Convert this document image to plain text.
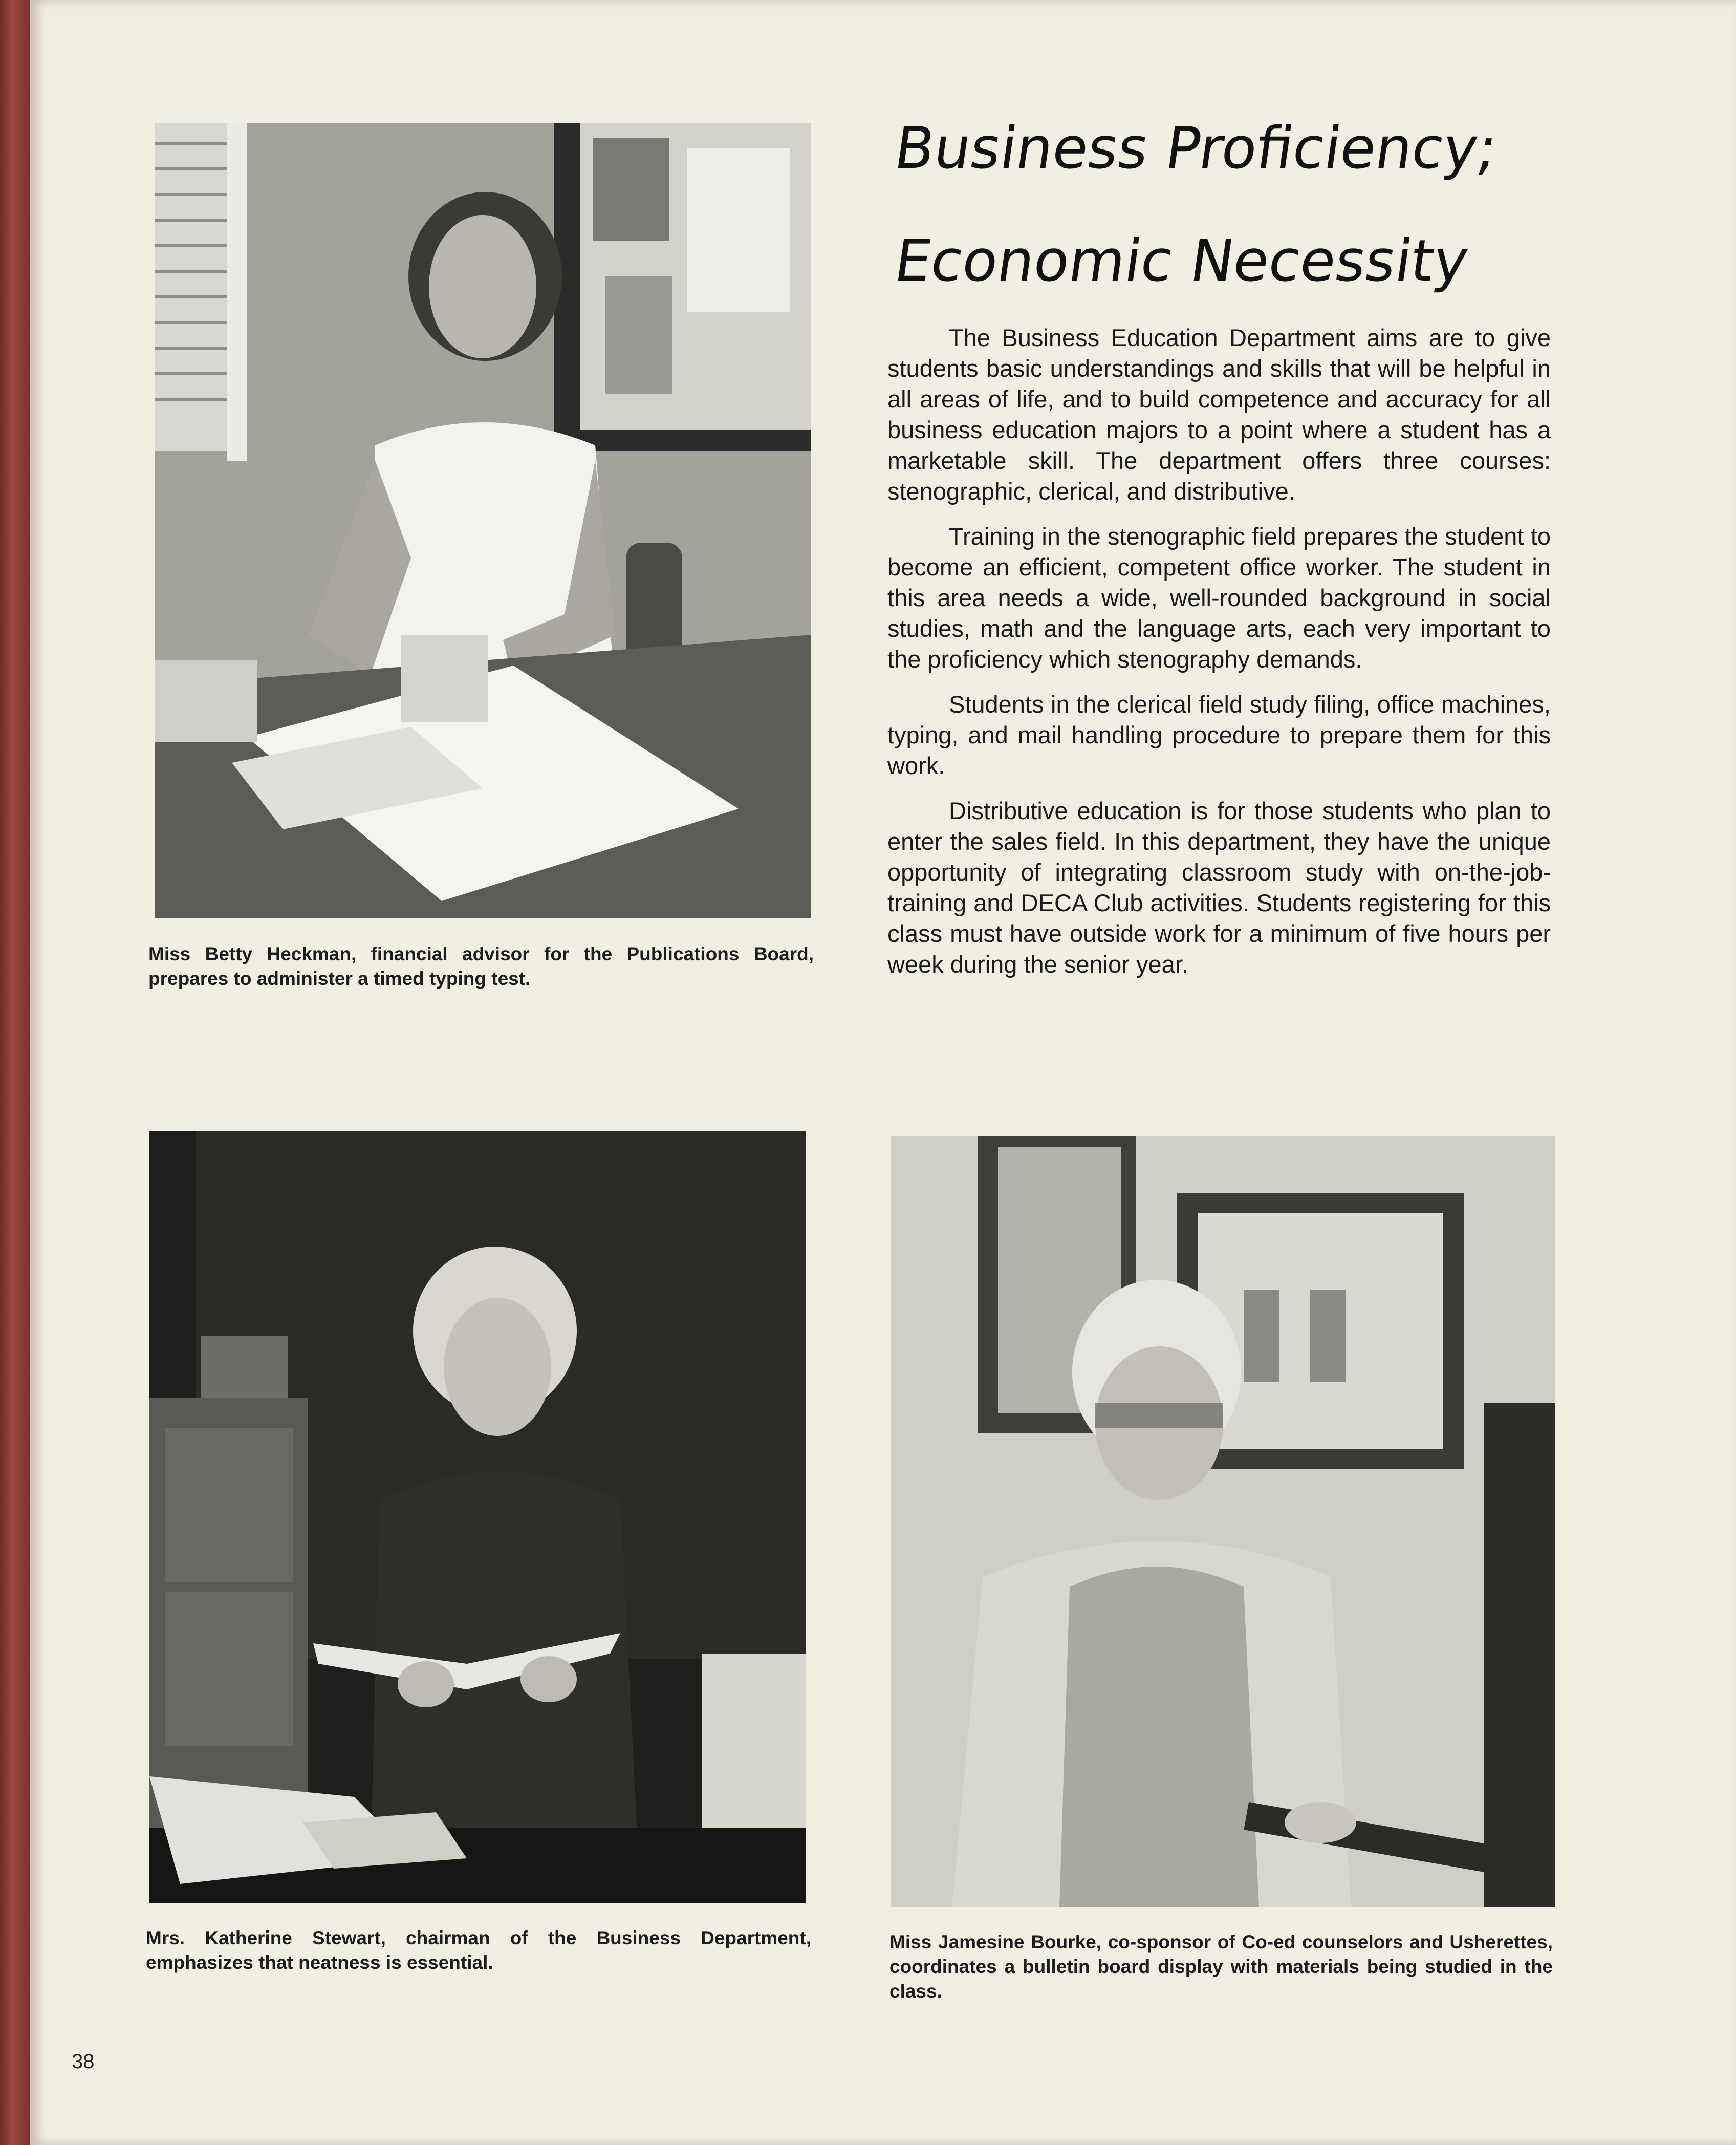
Miss Betty Heckman, financial advisor for the Publications Board, prepares to administer a timed typing test.

Business Proficiency;
Economic Necessity

The Business Education Department aims are to give students basic understandings and skills that will be helpful in all areas of life, and to build competence and accuracy for all business education majors to a point where a student has a marketable skill. The department offers three courses: stenographic, clerical, and distributive.

Training in the stenographic field prepares the student to become an efficient, competent office worker. The student in this area needs a wide, well-rounded background in social studies, math and the language arts, each very important to the proficiency which stenography demands.

Students in the clerical field study filing, office machines, typing, and mail handling procedure to prepare them for this work.

Distributive education is for those students who plan to enter the sales field. In this department, they have the unique opportunity of integrating classroom study with on-the-job-training and DECA Club activities. Students registering for this class must have outside work for a minimum of five hours per week during the senior year.

Mrs. Katherine Stewart, chairman of the Business Department, emphasizes that neatness is essential.

Miss Jamesine Bourke, co-sponsor of Co-ed counselors and Usherettes, coordinates a bulletin board display with materials being studied in the class.

38
